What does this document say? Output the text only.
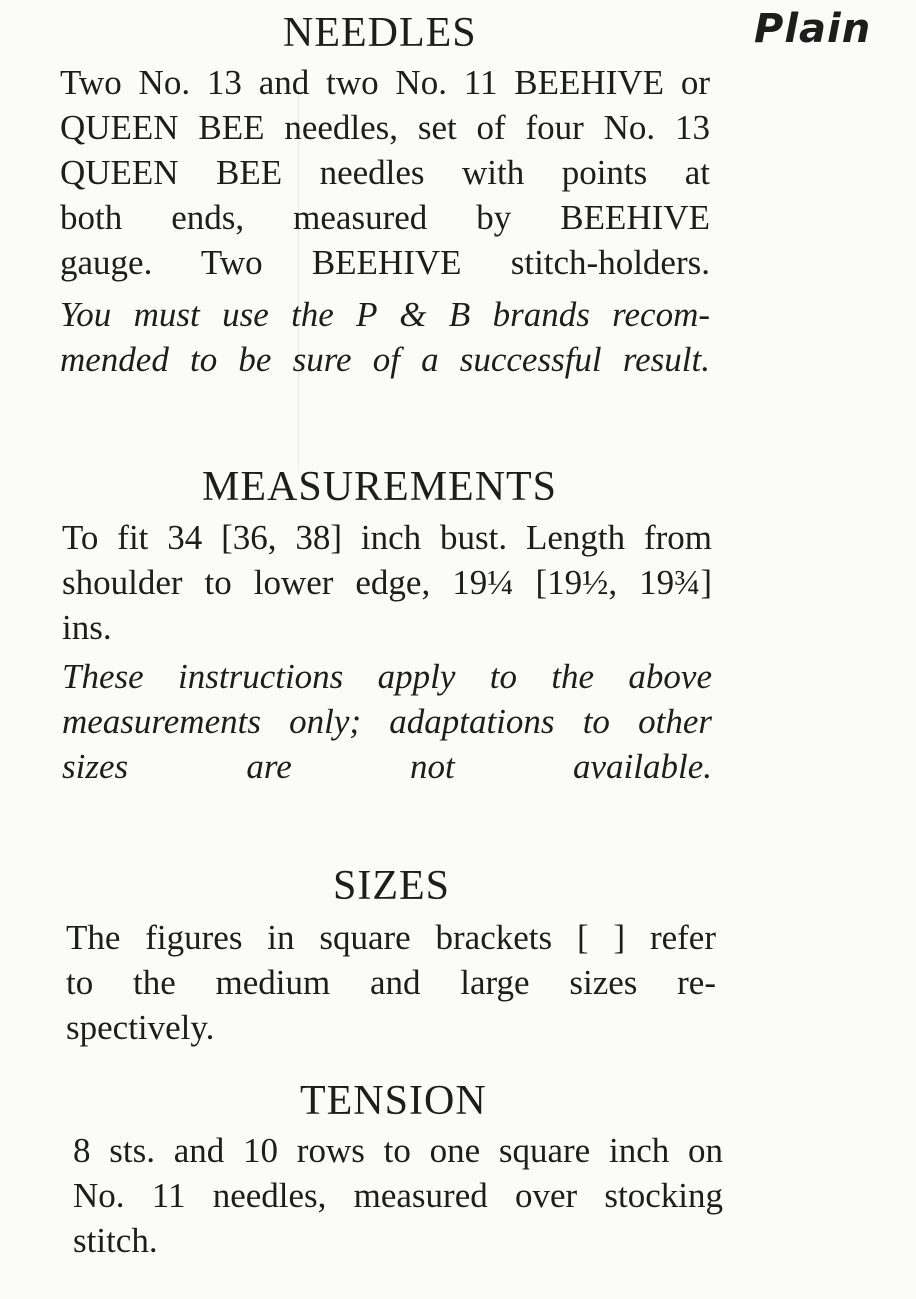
Plain
NEEDLES
Two No. 13 and two No. 11 BEEHIVE or
QUEEN BEE needles, set of four No. 13
QUEEN BEE needles with points at
both ends, measured by BEEHIVE
gauge. Two BEEHIVE stitch-holders.
You must use the P & B brands recom-
mended to be sure of a successful result.
MEASUREMENTS
To fit 34 [36, 38] inch bust. Length from
shoulder to lower edge, 19¼ [19½, 19¾]
ins.
These instructions apply to the above
measurements only; adaptations to other
sizes are not available.
SIZES
The figures in square brackets [ ] refer
to the medium and large sizes re-
spectively.
TENSION
8 sts. and 10 rows to one square inch on
No. 11 needles, measured over stocking
stitch.
